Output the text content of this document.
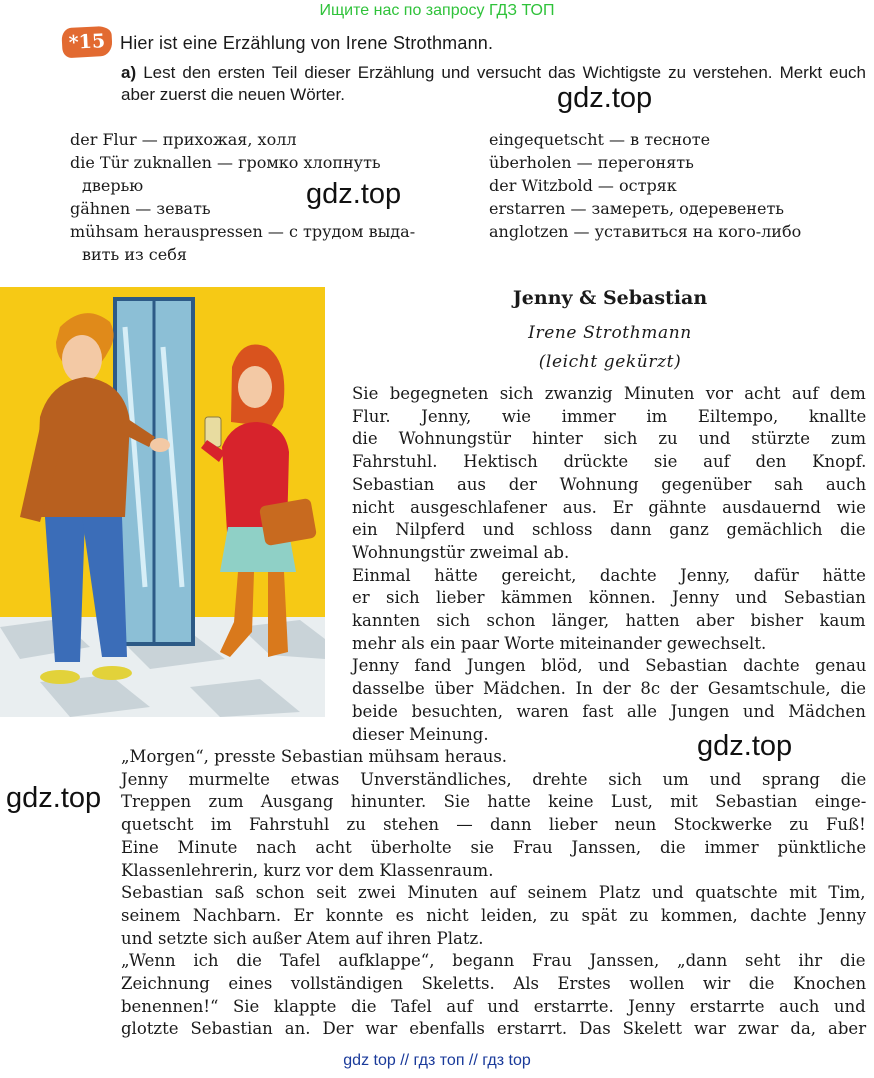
Ищите нас по запросу ГДЗ ТОП
*15 Hier ist eine Erzählung von Irene Strothmann.
a) Lest den ersten Teil dieser Erzählung und versucht das Wichtigste zu verstehen. Merkt euch aber zuerst die neuen Wörter.	gdz.top
gdz.top
gdz.top
gdz.top
der Flur — прихожая, холл
die Tür zuknallen — громко хлопнуть
дверью
gähnen — зевать
mühsam herauspressen — с трудом выда-
вить из себя
eingequetscht — в тесноте
überholen — перегонять
der Witzbold — остряк
erstarren — замереть, одеревенеть
anglotzen — уставиться на кого-либо
Jenny & Sebastian
Irene Strothmann
(leicht gekürzt)
Sie begegneten sich zwanzig Minuten vor acht auf dem
Flur. Jenny, wie immer im Eiltempo, knallte
die Wohnungstür hinter sich zu und stürzte zum
Fahrstuhl. Hektisch drückte sie auf den Knopf.
Sebastian aus der Wohnung gegenüber sah auch
nicht ausgeschlafener aus. Er gähnte ausdauernd wie
ein Nilpferd und schloss dann ganz gemächlich die
Wohnungstür zweimal ab.
Einmal hätte gereicht, dachte Jenny, dafür hätte
er sich lieber kämmen können. Jenny und Sebastian
kannten sich schon länger, hatten aber bisher kaum
mehr als ein paar Worte miteinander gewechselt.
Jenny fand Jungen blöd, und Sebastian dachte genau
dasselbe über Mädchen. In der 8c der Gesamtschule, die
beide besuchten, waren fast alle Jungen und Mädchen
dieser Meinung.
„Morgen“, presste Sebastian mühsam heraus.
Jenny murmelte etwas Unverständliches, drehte sich um und sprang die
Treppen zum Ausgang hinunter. Sie hatte keine Lust, mit Sebastian einge-
quetscht im Fahrstuhl zu stehen — dann lieber neun Stockwerke zu Fuß!
Eine Minute nach acht überholte sie Frau Janssen, die immer pünktliche
Klassenlehrerin, kurz vor dem Klassenraum.
Sebastian saß schon seit zwei Minuten auf seinem Platz und quatschte mit Tim,
seinem Nachbarn. Er konnte es nicht leiden, zu spät zu kommen, dachte Jenny
und setzte sich außer Atem auf ihren Platz.
„Wenn ich die Tafel aufklappe“, begann Frau Janssen, „dann seht ihr die
Zeichnung eines vollständigen Skeletts. Als Erstes wollen wir die Knochen
benennen!“ Sie klappte die Tafel auf und erstarrte. Jenny erstarrte auch und
glotzte Sebastian an. Der war ebenfalls erstarrt. Das Skelett war zwar da, aber
gdz top // гдз топ // гдз top
